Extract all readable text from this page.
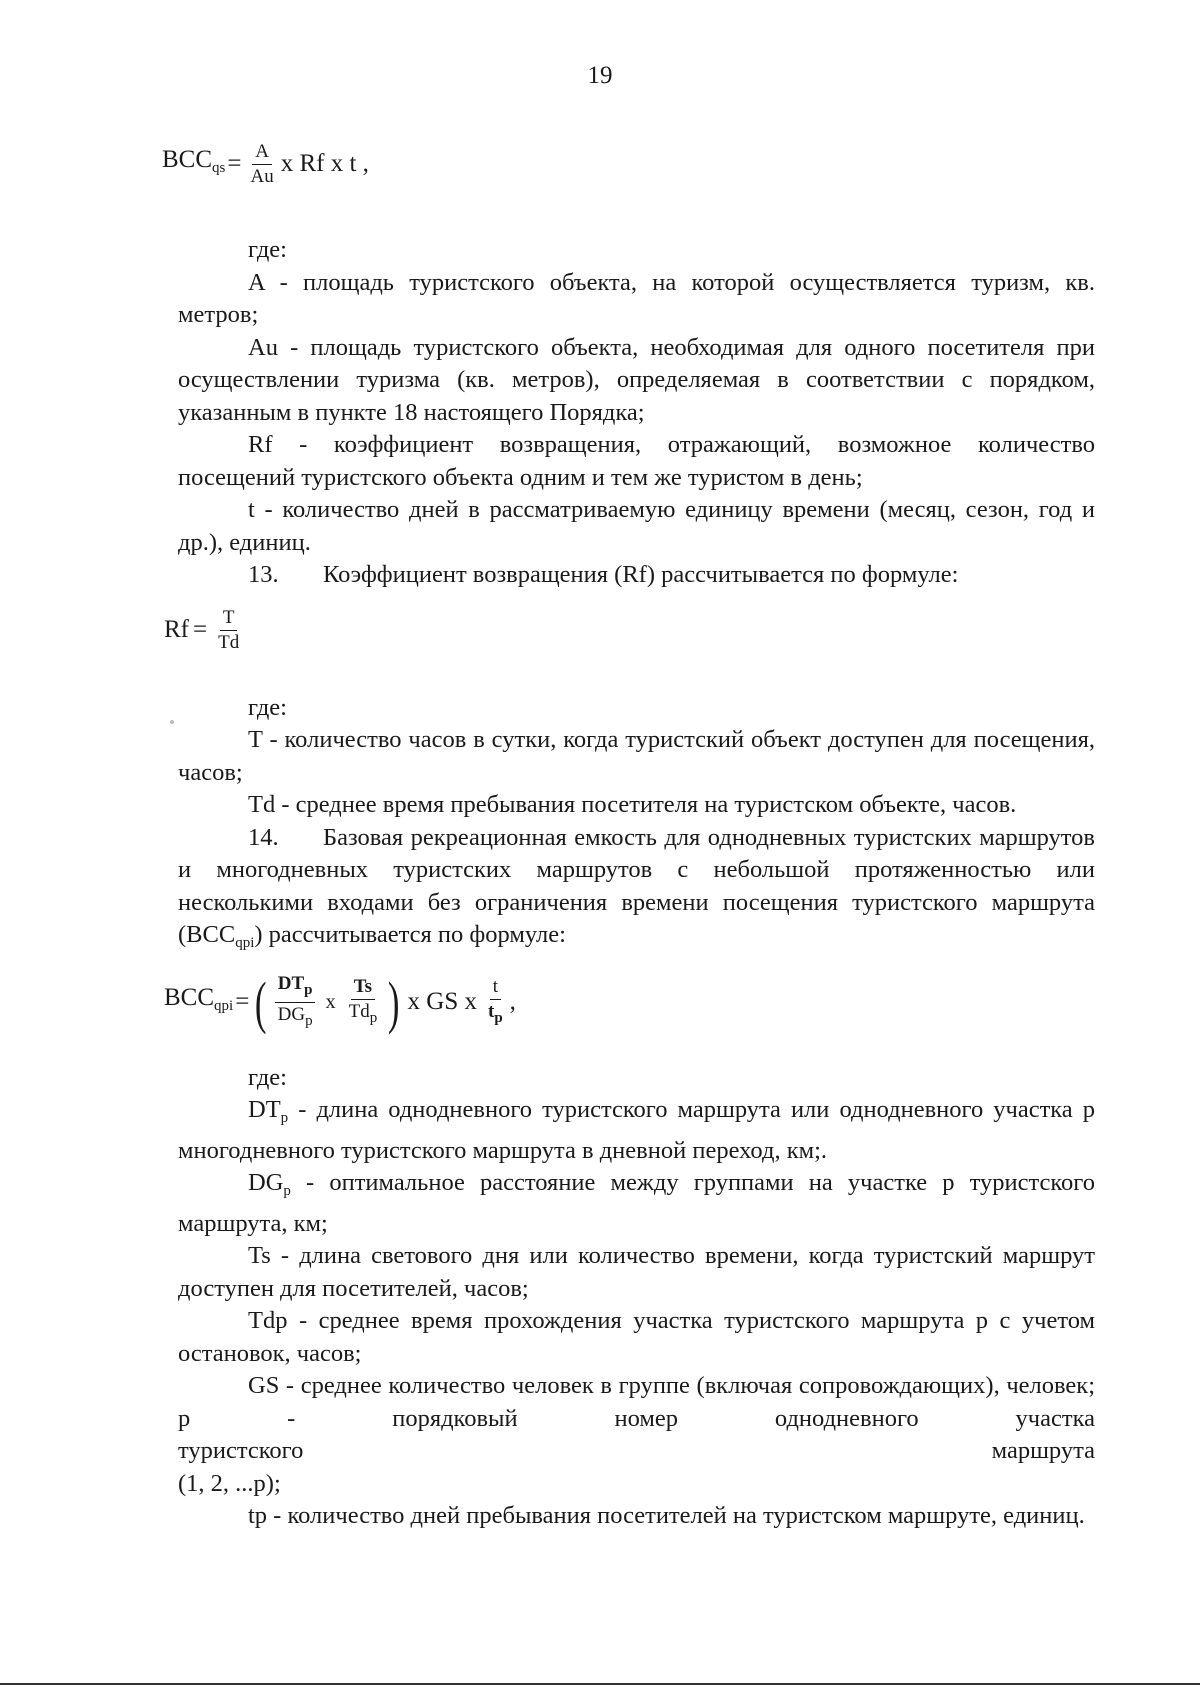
19
$BCC_{qs} = \frac{A}{Au}$ x Rf x t ,

где:

A - площадь туристского объекта, на которой осуществляется туризм, кв. метров;

Au - площадь туристского объекта, необходимая для одного посетителя при осуществлении туризма (кв. метров), определяемая в соответствии с порядком, указанным в пункте 18 настоящего Порядка;

Rf - коэффициент возвращения, отражающий, возможное количество посещений туристского объекта одним и тем же туристом в день;

t - количество дней в рассматриваемую единицу времени (месяц, сезон, год и др.), единиц.

13. Коэффициент возвращения (Rf) рассчитывается по формуле:

$Rf = \frac{T}{Td}$

где:

T - количество часов в сутки, когда туристский объект доступен для посещения, часов;

Td - среднее время пребывания посетителя на туристском объекте, часов.

14. Базовая рекреационная емкость для однодневных туристских маршрутов и многодневных туристских маршрутов с небольшой протяженностью или несколькими входами без ограничения времени посещения туристского маршрута $(BCC_{qpi})$ рассчитывается по формуле:

$BCC_{qpi}$ = ( $\frac{DT_p}{DG_p}$ x $\frac{Ts}{Td_p}$ ) x GS x $\frac{t}{t_p}$ ,

где:

$DT_p$ - длина однодневного туристского маршрута или однодневного участка p многодневного туристского маршрута в дневной переход, км;.

$DG_p$ - оптимальное расстояние между группами на участке p туристского маршрута, км;

Ts - длина светового дня или количество времени, когда туристский маршрут доступен для посетителей, часов;

Tdp - среднее время прохождения участка туристского маршрута p с учетом остановок, часов;

GS - среднее количество человек в группе (включая сопровождающих), человек; p - порядковый номер однодневного участка

туристского	маршрута

(1, 2, ...p);

tp - количество дней пребывания посетителей на туристском маршруте, единиц.
